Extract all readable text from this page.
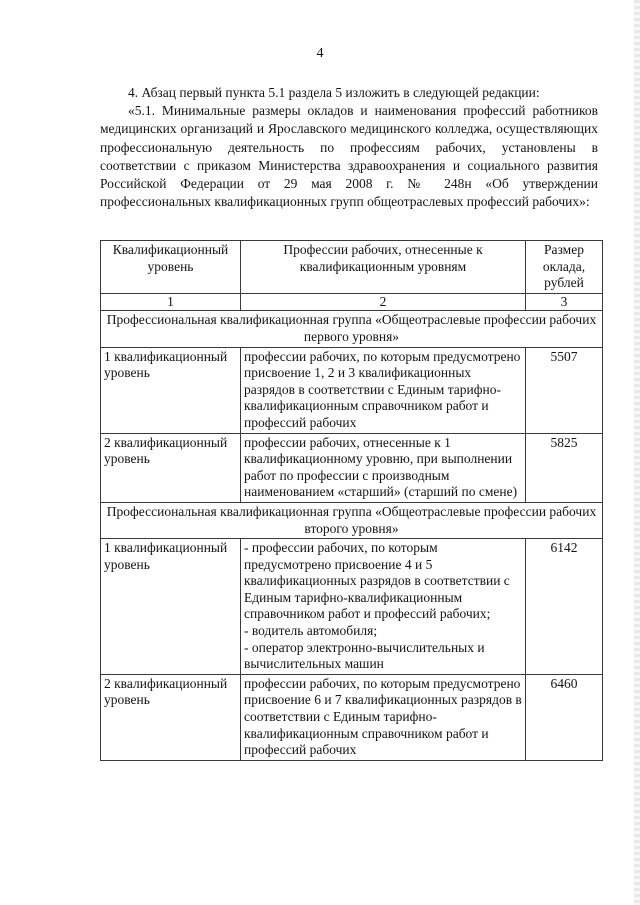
4

4. Абзац первый пункта 5.1 раздела 5 изложить в следующей редакции:

«5.1. Минимальные размеры окладов и наименования профессий работников медицинских организаций и Ярославского медицинского колледжа, осуществляющих профессиональную деятельность по профессиям рабочих, установлены в соответствии с приказом Министерства здравоохранения и социального развития Российской Федерации от 29 мая 2008 г. № 248н «Об утверждении профессиональных квалификационных групп общеотраслевых профессий рабочих»:

Квалификационный уровень	Профессии рабочих, отнесенные к квалификационным уровням	Размер оклада, рублей
1	2	3
Профессиональная квалификационная группа «Общеотраслевые профессии рабочих первого уровня»		
1 квалификационный уровень	профессии рабочих, по которым предусмотрено присвоение 1, 2 и 3 квалификационных разрядов в соответствии с Единым тарифно-квалификационным справочником работ и профессий рабочих	5507
2 квалификационный уровень	профессии рабочих, отнесенные к 1 квалификационному уровню, при выполнении работ по профессии с производным наименованием «старший» (старший по смене)	5825
Профессиональная квалификационная группа «Общеотраслевые профессии рабочих второго уровня»		
1 квалификационный уровень	- профессии рабочих, по которым предусмотрено присвоение 4 и 5 квалификационных разрядов в соответствии с Единым тарифно-квалификационным справочником работ и профессий рабочих;
- водитель автомобиля;
- оператор электронно-вычислительных и вычислительных машин	6142
2 квалификационный уровень	профессии рабочих, по которым предусмотрено присвоение 6 и 7 квалификационных разрядов в соответствии с Единым тарифно-квалификационным справочником работ и профессий рабочих	6460
